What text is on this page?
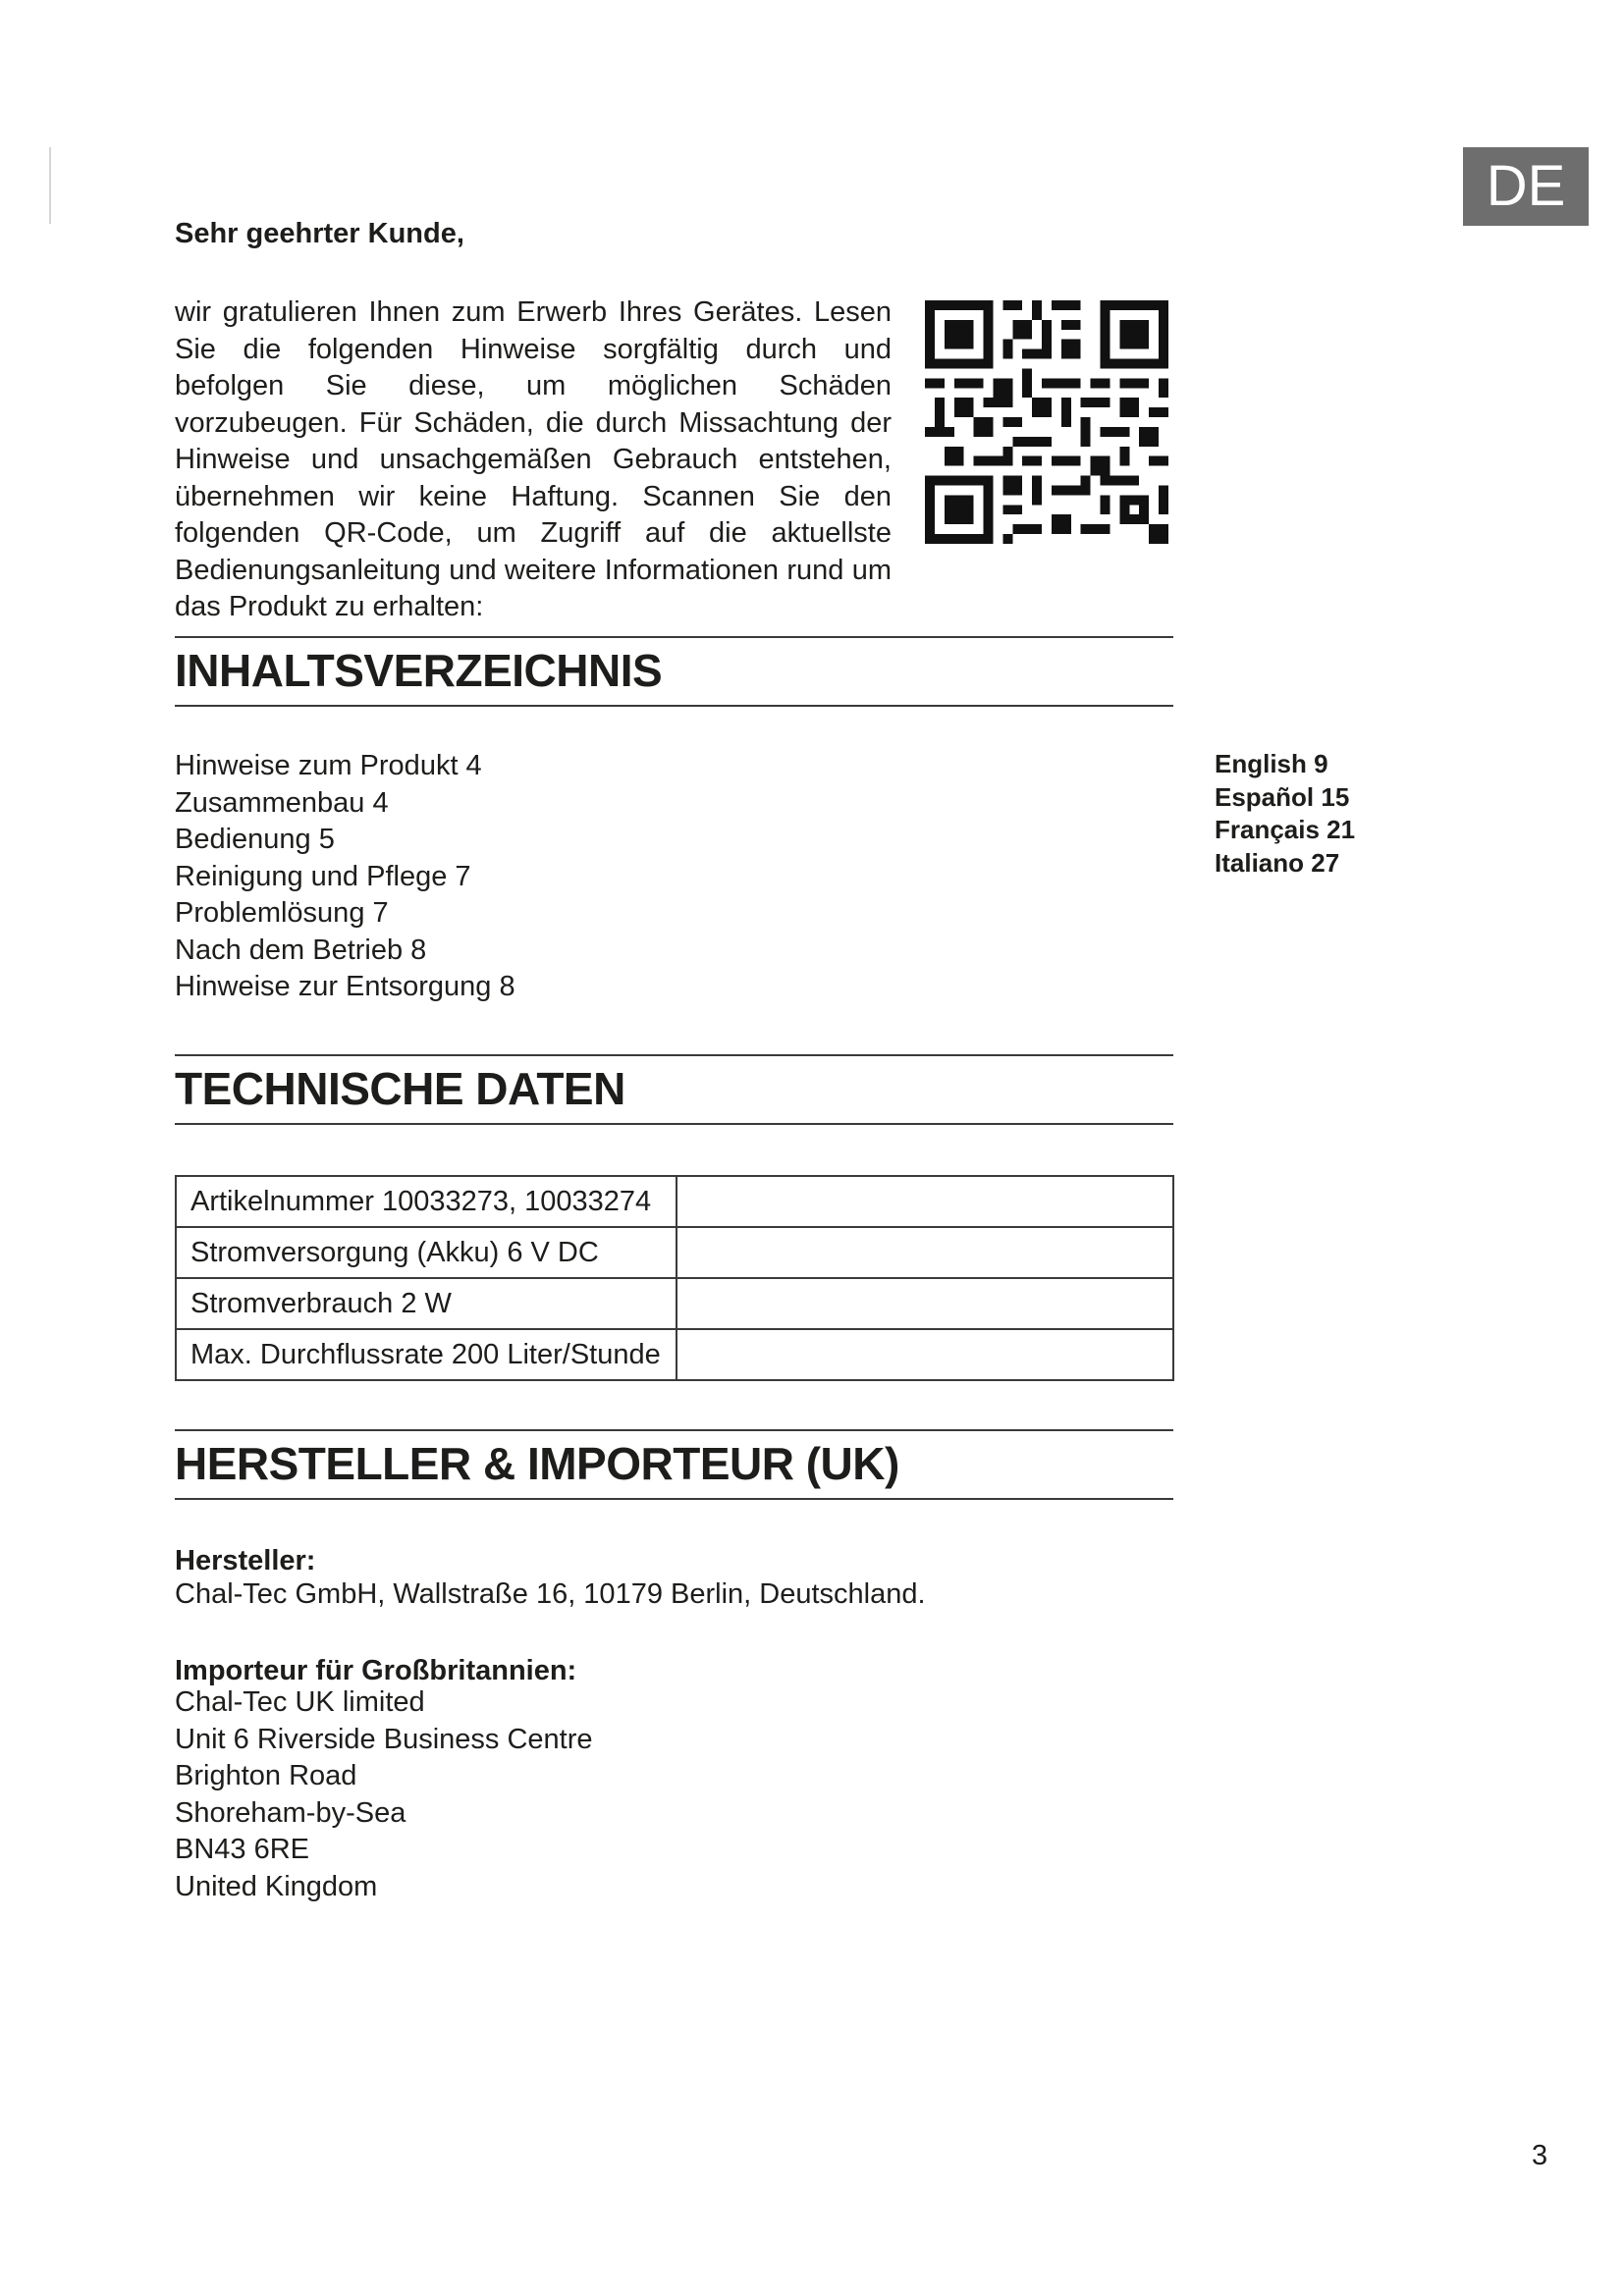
DE
Sehr geehrter Kunde,

wir gratulieren Ihnen zum Erwerb Ihres Gerätes. Lesen Sie die folgenden Hinweise sorgfältig durch und befolgen Sie diese, um möglichen Schäden vorzubeugen. Für Schäden, die durch Missachtung der Hinweise und unsachgemäßen Gebrauch entstehen, übernehmen wir keine Haftung. Scannen Sie den folgenden QR-Code, um Zugriff auf die aktuellste Bedienungsanleitung und weitere Informationen rund um das Produkt zu erhalten:

INHALTSVERZEICHNIS
Hinweise zum Produkt 4
Zusammenbau 4
Bedienung 5
Reinigung und Pflege 7
Problemlösung 7
Nach dem Betrieb 8
Hinweise zur Entsorgung 8
English 9
Español 15
Français 21
Italiano 27
TECHNISCHE DATEN
Artikelnummer 10033273, 10033274	
Stromversorgung (Akku) 6 V DC	
Stromverbrauch 2 W	
Max. Durchflussrate 200 Liter/Stunde	
HERSTELLER & IMPORTEUR (UK)
Hersteller:
Chal-Tec GmbH, Wallstraße 16, 10179 Berlin, Deutschland.
Importeur für Großbritannien:
Chal-Tec UK limited
Unit 6 Riverside Business Centre
Brighton Road
Shoreham-by-Sea
BN43 6RE
United Kingdom
3
